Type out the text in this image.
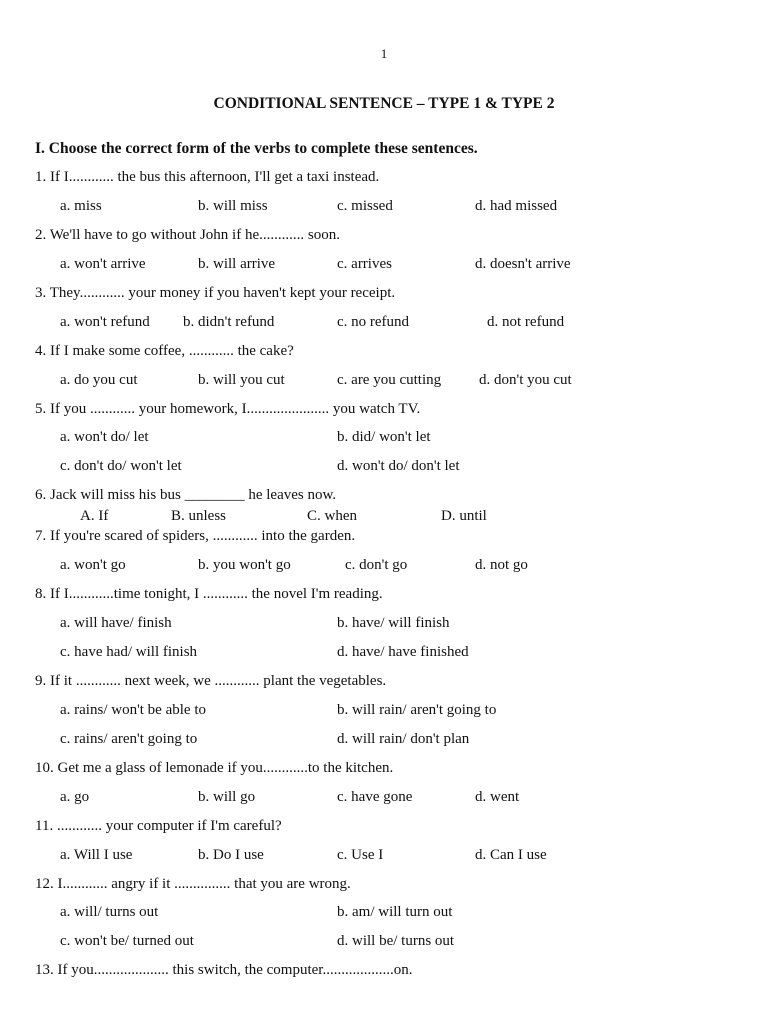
1
CONDITIONAL SENTENCE – TYPE 1 & TYPE 2
I. Choose the correct form of the verbs to complete these sentences.
1. If I............ the bus this afternoon, I'll get a taxi instead.
a. miss	b. will miss	c. missed	d. had missed
2. We'll have to go without John if he............ soon.
a. won't arrive	b. will arrive	c. arrives	d. doesn't arrive
3. They............ your money if you haven't kept your receipt.
a. won't refund b. didn't refund	c. no refund	d. not refund
4. If I make some coffee, ............ the cake?
a. do you cut	b. will you cut	c. are you cutting	d. don't you cut
5. If you ............ your homework, I...................... you watch TV.
a. won't do/ let	b. did/ won't let
c. don't do/ won't let	d. won't do/ don't let
6. Jack will miss his bus ________ he leaves now.
A. If	B. unless	C. when	D. until
7. If you're scared of spiders, ............ into the garden.
a. won't go	b. you won't go	c. don't go	d. not go
8. If I............time tonight, I ............ the novel I'm reading.
a. will have/ finish	b. have/ will finish
c. have had/ will finish	d. have/ have finished
9. If it ............ next week, we ............ plant the vegetables.
a. rains/ won't be able to	b. will rain/ aren't going to
c. rains/ aren't going to	d. will rain/ don't plan
10. Get me a glass of lemonade if you............to the kitchen.
a. go	b. will go	c. have gone	d. went
11. ............ your computer if I'm careful?
a. Will I use	b. Do I use	c. Use I	d. Can I use
12. I............ angry if it ............... that you are wrong.
a. will/ turns out	b. am/ will turn out
c. won't be/ turned out	d. will be/ turns out
13. If you.................... this switch, the computer...................on.
